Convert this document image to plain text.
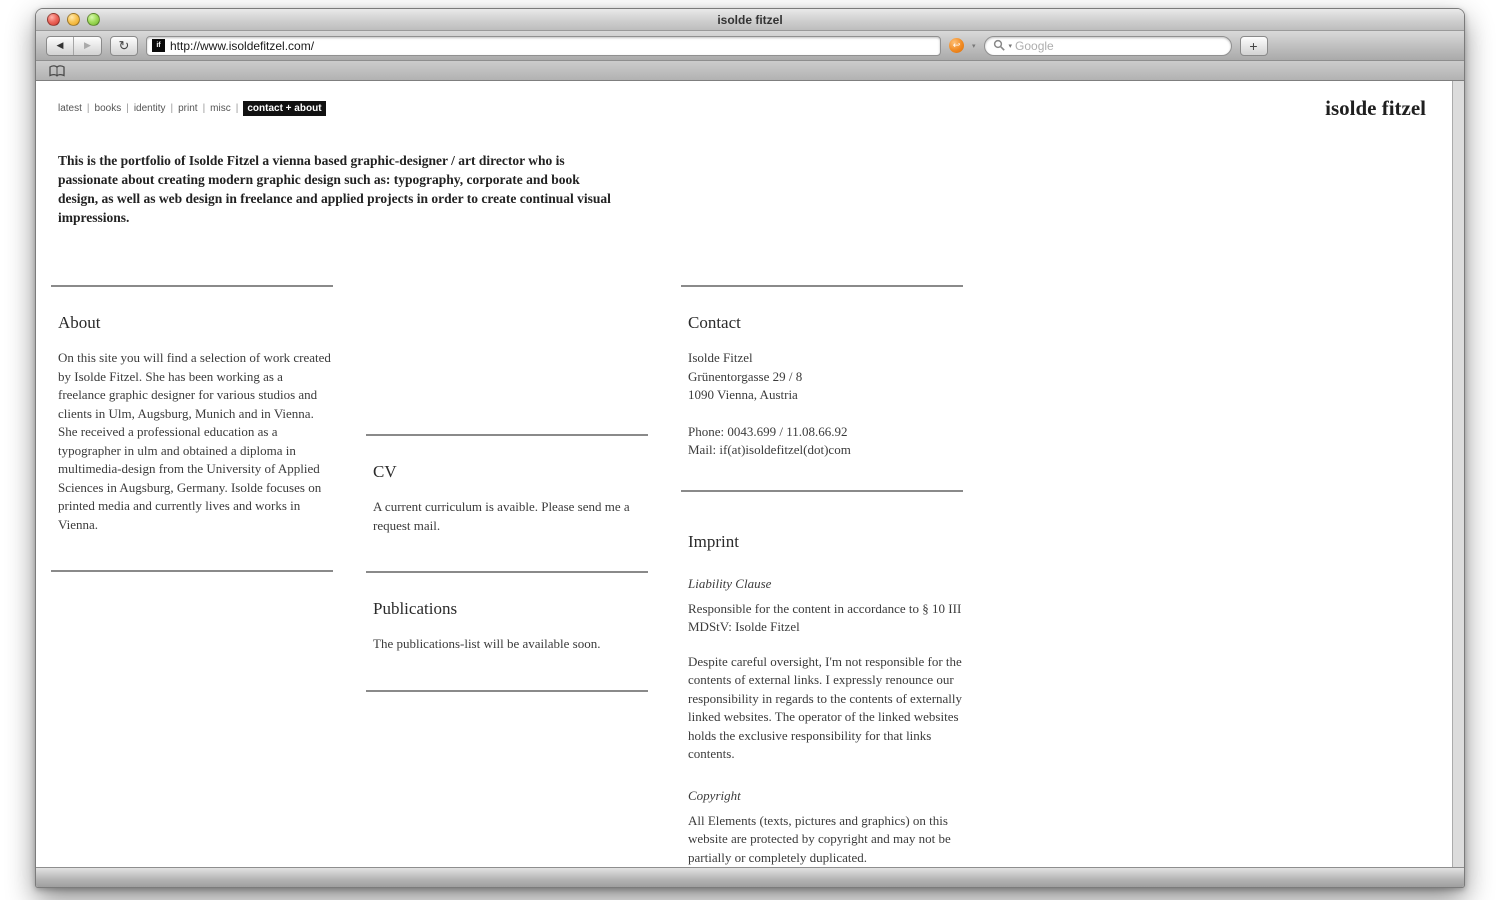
isolde fitzel
◀	▶	↻	if http://www.isoldefitzel.com/	↩	▾	▾ Google	+
latest | books | identity | print | misc | contact + about	isolde fitzel
This is the portfolio of Isolde Fitzel a vienna based graphic-designer / art director who is passionate about creating modern graphic design such as: typography, corporate and book design, as well as web design in freelance and applied projects in order to create continual visual impressions.
About
On this site you will find a selection of work created by Isolde Fitzel. She has been working as a freelance graphic designer for various studios and clients in Ulm, Augsburg, Munich and in Vienna. She received a professional education as a typographer in ulm and obtained a diploma in multimedia-design from the University of Applied Sciences in Augsburg, Germany. Isolde focuses on printed media and currently lives and works in Vienna.
CV
A current curriculum is avaible. Please send me a request mail.
Publications
The publications-list will be available soon.
Contact
Isolde Fitzel
Grünentorgasse 29 / 8
1090 Vienna, Austria
Phone: 0043.699 / 11.08.66.92
Mail: if(at)isoldefitzel(dot)com
Imprint
Liability Clause
Responsible for the content in accordance to § 10 III MDStV: Isolde Fitzel
Despite careful oversight, I'm not responsible for the contents of external links. I expressly renounce our responsibility in regards to the contents of externally linked websites. The operator of the linked websites holds the exclusive responsibility for that links contents.
Copyright
All Elements (texts, pictures and graphics) on this website are protected by copyright and may not be partially or completely duplicated.
